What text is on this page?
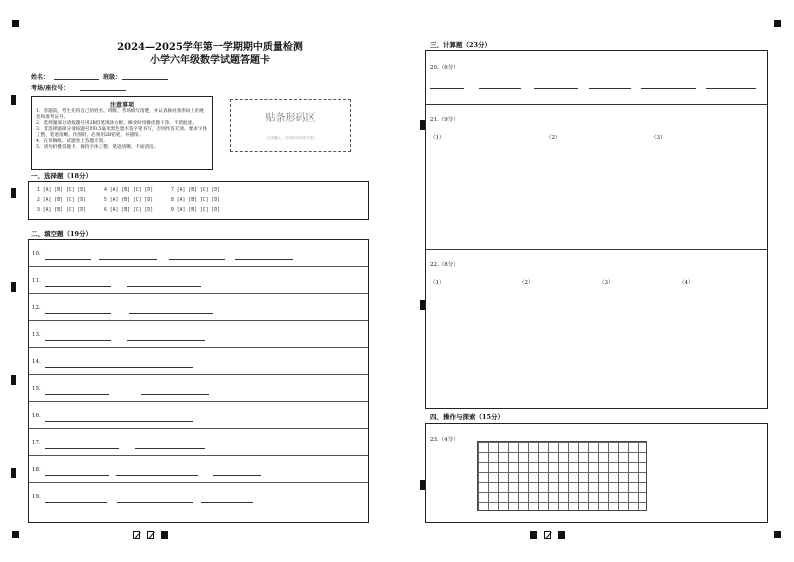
2024—2025学年第一学期期中质量检测
小学六年级数学试题答题卡
姓名：	班级：
考场/座位号：
注意事项
1．答题前，考生先将自己的姓名、班级、考场填写清楚，并认真核对条形码上的姓名和准考证号。
2．选择题部分请按题号用2B铅笔填涂方框，修改时用橡皮擦干净，不留痕迹。
3．非选择题部分请按题号用0.5毫米黑色墨水签字笔书写，否则作答无效。要求字体工整、笔迹清晰。作图时，必须用2B铅笔，并描浓。
4．在草稿纸、试题卷上答题无效。
5．请勿折叠答题卡，保持字体工整、笔迹清晰、卡面清洁。
贴条形码区
（正面朝上，切勿贴出虚线方框）
一、选择题（18分）
1 [A] [B] [C] [D]	4 [A] [B] [C] [D]	7 [A] [B] [C] [D]
2 [A] [B] [C] [D]	5 [A] [B] [C] [D]	8 [A] [B] [C] [D]
3 [A] [B] [C] [D]	6 [A] [B] [C] [D]	9 [A] [B] [C] [D]
二、填空题（19分）
10.
11.
12.
13.
14.
15.
16.
17.
18.
19.
三、计算题（23分）
20.（6分）
21.（9分）
（1）	（2）	（3）
22.（8分）
（1）	（2）	（3）	（4）
四、操作与探索（15分）
23.（4分）
